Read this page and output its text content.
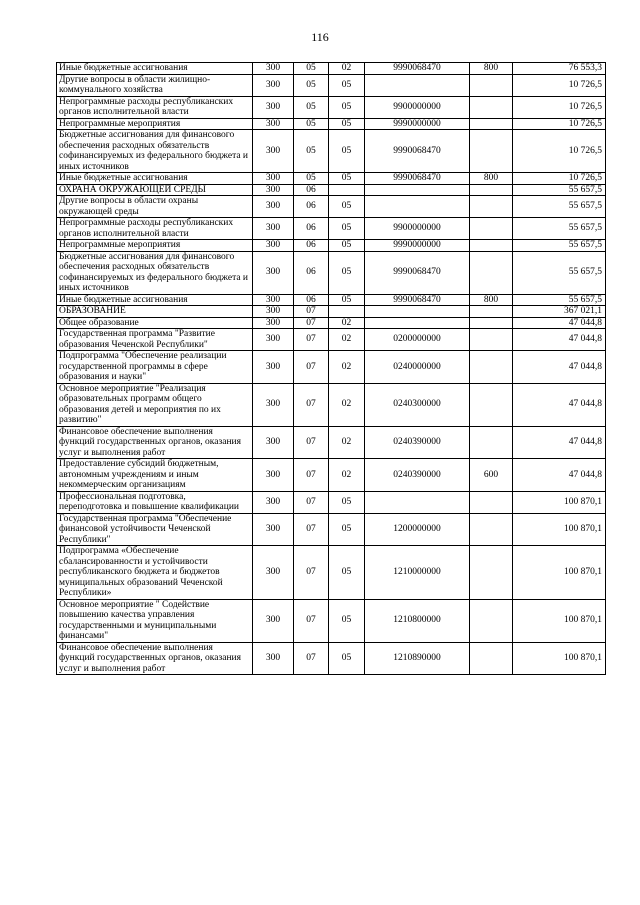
116
Иные бюджетные ассигнования	300	05	02	9990068470	800	76 553,3
Другие вопросы в области жилищно-коммунального хозяйства	300	05	05			10 726,5
Непрограммные расходы республиканских органов исполнительной власти	300	05	05	9900000000		10 726,5
Непрограммные мероприятия	300	05	05	9990000000		10 726,5
Бюджетные ассигнования для финансового обеспечения расходных обязательств софинансируемых из федерального бюджета и иных источников	300	05	05	9990068470		10 726,5
Иные бюджетные ассигнования	300	05	05	9990068470	800	10 726,5
ОХРАНА ОКРУЖАЮЩЕЙ СРЕДЫ	300	06				55 657,5
Другие вопросы в области охраны окружающей среды	300	06	05			55 657,5
Непрограммные расходы республиканских органов исполнительной власти	300	06	05	9900000000		55 657,5
Непрограммные мероприятия	300	06	05	9990000000		55 657,5
Бюджетные ассигнования для финансового обеспечения расходных обязательств софинансируемых из федерального бюджета и иных источников	300	06	05	9990068470		55 657,5
Иные бюджетные ассигнования	300	06	05	9990068470	800	55 657,5
ОБРАЗОВАНИЕ	300	07				367 021,1
Общее образование	300	07	02			47 044,8
Государственная программа "Развитие образования Чеченской Республики"	300	07	02	0200000000		47 044,8
Подпрограмма "Обеспечение реализации государственной программы в сфере образования и науки"	300	07	02	0240000000		47 044,8
Основное мероприятие "Реализация образовательных программ общего образования детей и мероприятия по их развитию"	300	07	02	0240300000		47 044,8
Финансовое обеспечение выполнения функций государственных органов, оказания услуг и выполнения работ	300	07	02	0240390000		47 044,8
Предоставление субсидий бюджетным, автономным учреждениям и иным некоммерческим организациям	300	07	02	0240390000	600	47 044,8
Профессиональная подготовка, переподготовка и повышение квалификации	300	07	05			100 870,1
Государственная программа "Обеспечение финансовой устойчивости Чеченской Республики"	300	07	05	1200000000		100 870,1
Подпрограмма «Обеспечение сбалансированности и устойчивости республиканского бюджета и бюджетов муниципальных образований Чеченской Республики»	300	07	05	1210000000		100 870,1
Основное мероприятие " Содействие повышению качества управления государственными и муниципальными финансами"	300	07	05	1210800000		100 870,1
Финансовое обеспечение выполнения функций государственных органов, оказания услуг и выполнения работ	300	07	05	1210890000		100 870,1
